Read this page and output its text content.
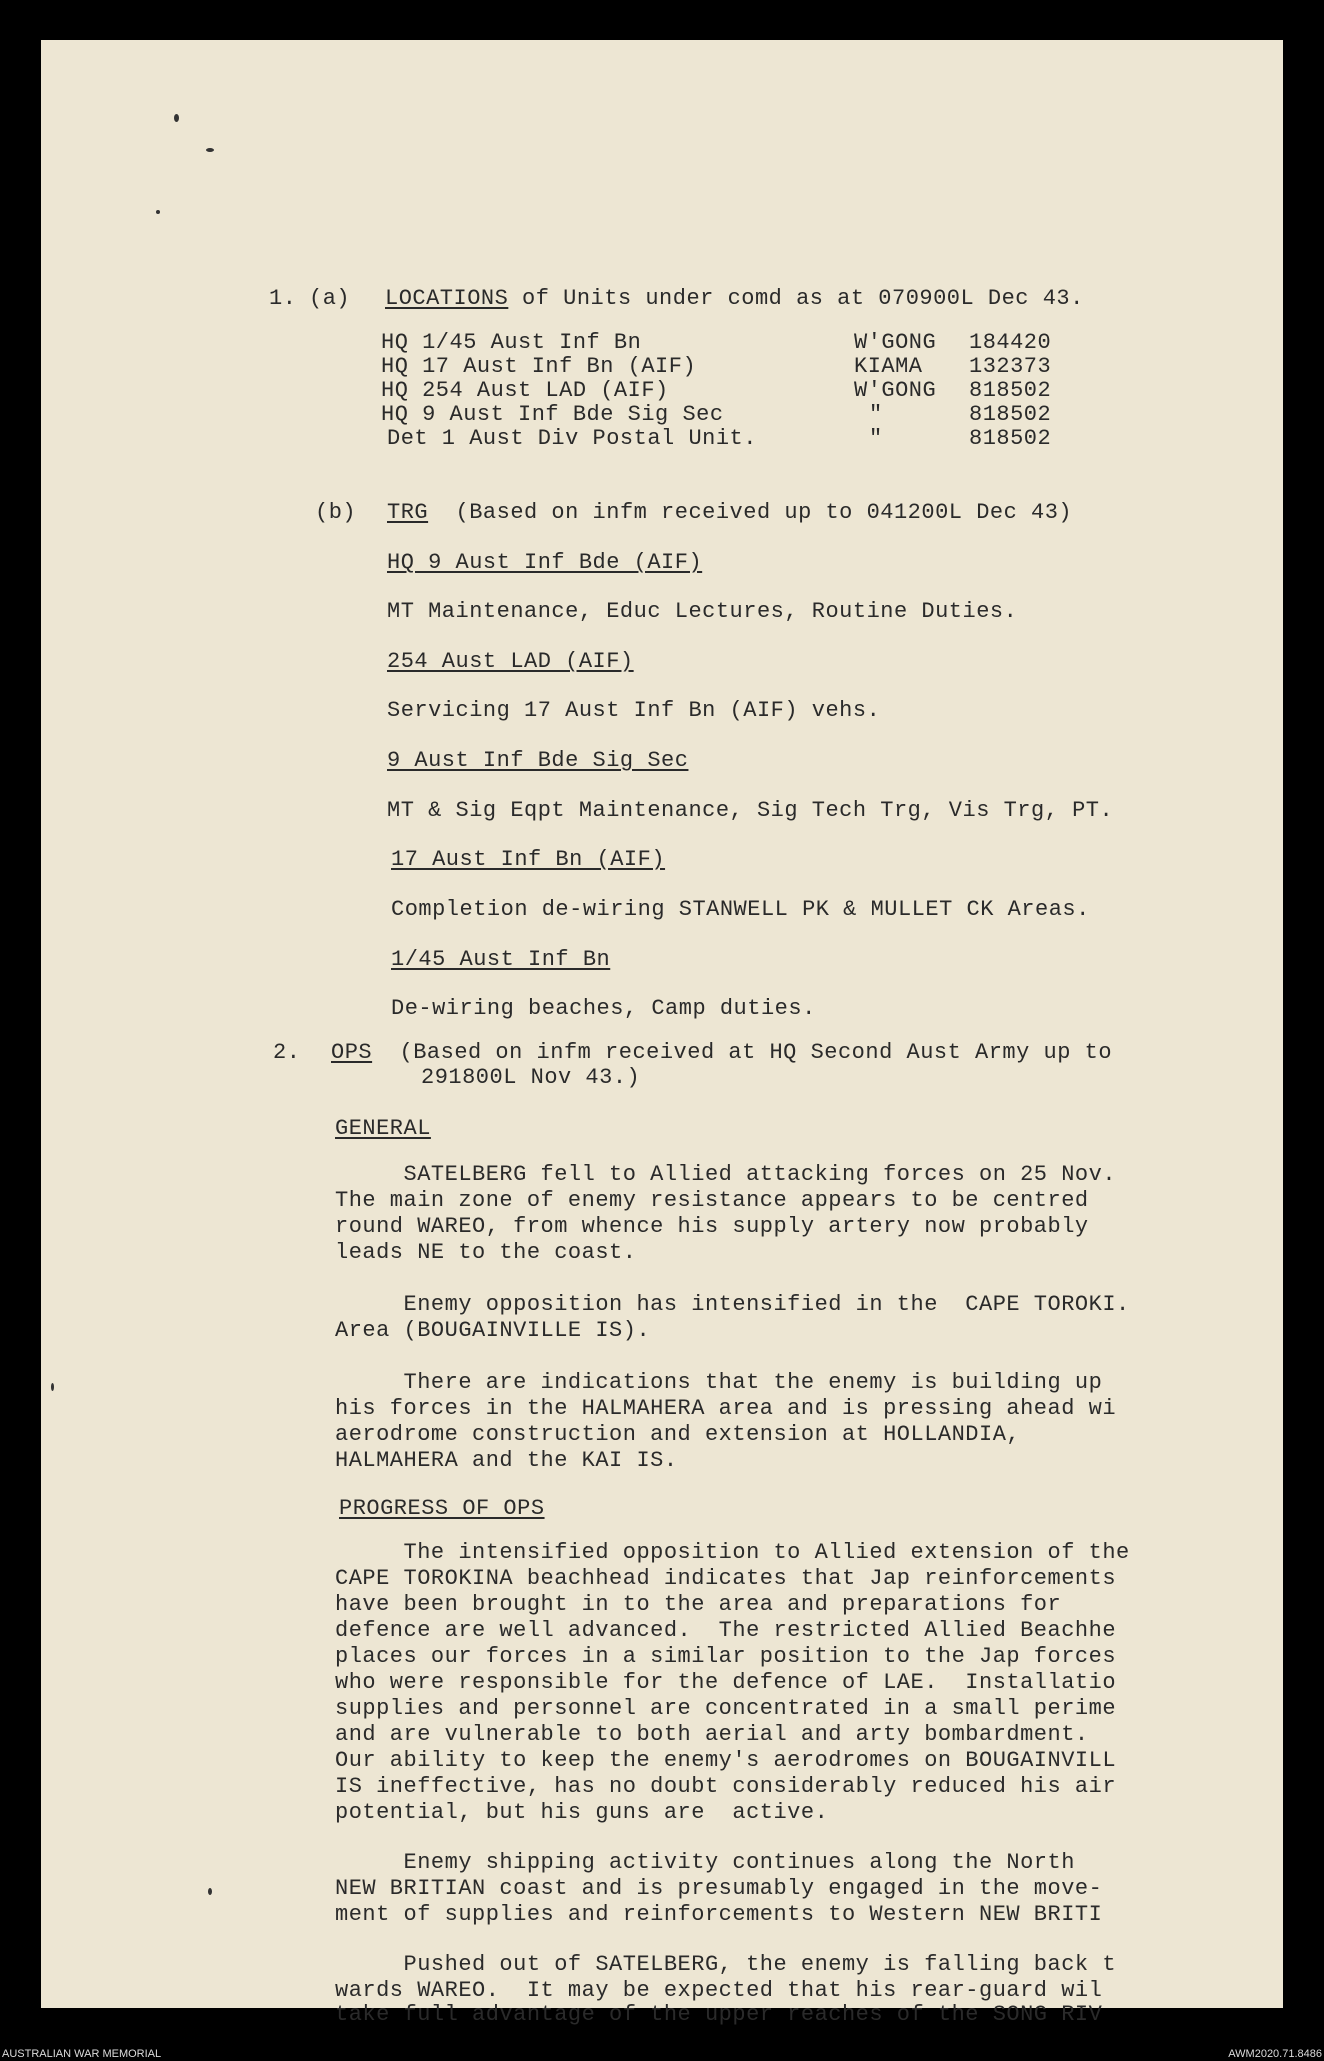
1. (a) LOCATIONS of Units under comd as at 070900L Dec 43.
HQ 1/45 Aust Inf Bn	W'GONG 184420
HQ 17 Aust Inf Bn (AIF)	KIAMA 132373
HQ 254 Aust LAD (AIF)	W'GONG 818502
HQ 9 Aust Inf Bde Sig Sec	"	818502
Det 1 Aust Div Postal Unit.	"	818502
(b) TRG  (Based on infm received up to 041200L Dec 43)
HQ 9 Aust Inf Bde (AIF)
MT Maintenance, Educ Lectures, Routine Duties.
254 Aust LAD (AIF)
Servicing 17 Aust Inf Bn (AIF) vehs.
9 Aust Inf Bde Sig Sec
MT & Sig Eqpt Maintenance, Sig Tech Trg, Vis Trg, PT.
17 Aust Inf Bn (AIF)
Completion de-wiring STANWELL PK & MULLET CK Areas.
1/45 Aust Inf Bn
De-wiring beaches, Camp duties.
2. OPS  (Based on infm received at HQ Second Aust Army up to
291800L Nov 43.)
GENERAL
SATELBERG fell to Allied attacking forces on 25 Nov.
The main zone of enemy resistance appears to be centred
round WAREO, from whence his supply artery now probably
leads NE to the coast.
Enemy opposition has intensified in the  CAPE TOROKI.
Area (BOUGAINVILLE IS).
There are indications that the enemy is building up
his forces in the HALMAHERA area and is pressing ahead wi
aerodrome construction and extension at HOLLANDIA,
HALMAHERA and the KAI IS.
PROGRESS OF OPS
The intensified opposition to Allied extension of the
CAPE TOROKINA beachhead indicates that Jap reinforcements
have been brought in to the area and preparations for
defence are well advanced.  The restricted Allied Beachhe
places our forces in a similar position to the Jap forces
who were responsible for the defence of LAE.  Installatio
supplies and personnel are concentrated in a small perime
and are vulnerable to both aerial and arty bombardment.
Our ability to keep the enemy's aerodromes on BOUGAINVILL
IS ineffective, has no doubt considerably reduced his air
potential, but his guns are  active.
Enemy shipping activity continues along the North
NEW BRITIAN coast and is presumably engaged in the move-
ment of supplies and reinforcements to Western NEW BRITI
Pushed out of SATELBERG, the enemy is falling back t
wards WAREO.  It may be expected that his rear-guard wil
take full advantage of the upper reaches of the SONG RIV
AUSTRALIAN WAR MEMORIAL	AWM2020.71.8486
